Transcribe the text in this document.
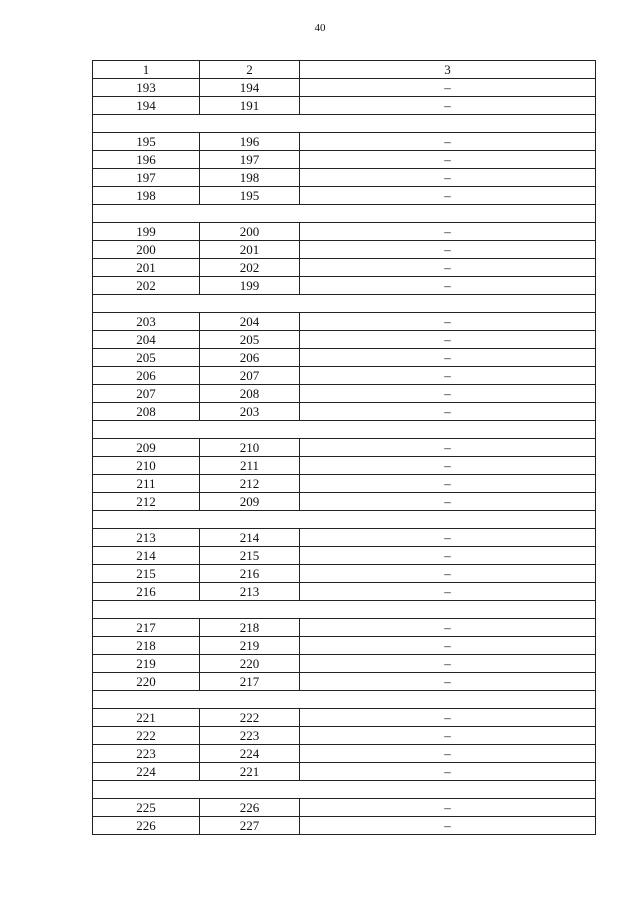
40
1	2	3
193	194	–
194	191	–

195	196	–
196	197	–
197	198	–
198	195	–

199	200	–
200	201	–
201	202	–
202	199	–

203	204	–
204	205	–
205	206	–
206	207	–
207	208	–
208	203	–

209	210	–
210	211	–
211	212	–
212	209	–

213	214	–
214	215	–
215	216	–
216	213	–

217	218	–
218	219	–
219	220	–
220	217	–

221	222	–
222	223	–
223	224	–
224	221	–

225	226	–
226	227	–
